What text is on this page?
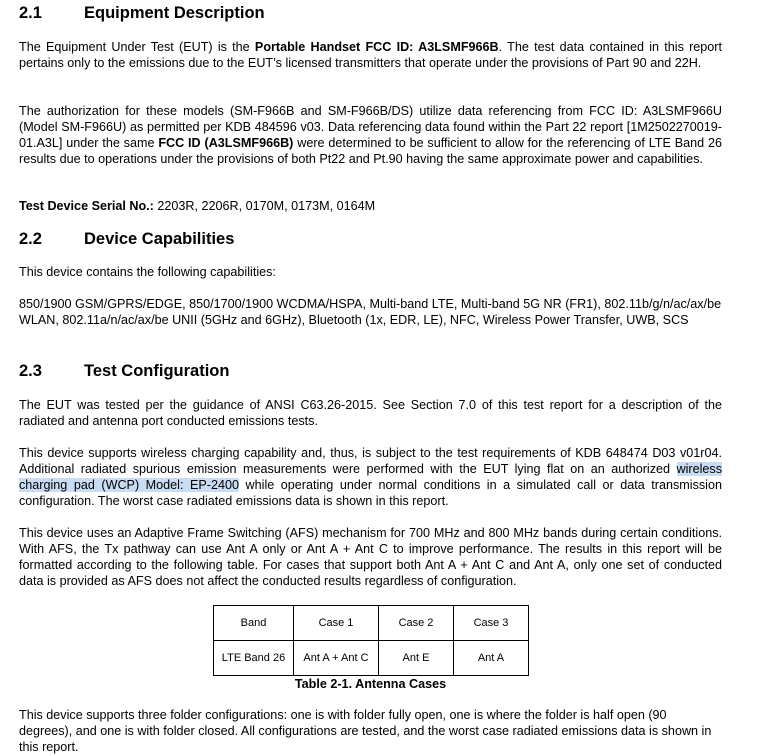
2.1	Equipment Description
The Equipment Under Test (EUT) is the Portable Handset FCC ID: A3LSMF966B. The test data contained in this report pertains only to the emissions due to the EUT’s licensed transmitters that operate under the provisions of Part 90 and 22H.
The authorization for these models (SM-F966B and SM-F966B/DS) utilize data referencing from FCC ID: A3LSMF966U (Model SM-F966U) as permitted per KDB 484596 v03. Data referencing data found within the Part 22 report [1M2502270019-01.A3L] under the same FCC ID (A3LSMF966B) were determined to be sufficient to allow for the referencing of LTE Band 26 results due to operations under the provisions of both Pt22 and Pt.90 having the same approximate power and capabilities.
Test Device Serial No.: 2203R, 2206R, 0170M, 0173M, 0164M
2.2	Device Capabilities
This device contains the following capabilities:
850/1900 GSM/GPRS/EDGE, 850/1700/1900 WCDMA/HSPA, Multi-band LTE, Multi-band 5G NR (FR1), 802.11b/g/n/ac/ax/be WLAN, 802.11a/n/ac/ax/be UNII (5GHz and 6GHz), Bluetooth (1x, EDR, LE), NFC, Wireless Power Transfer, UWB, SCS
2.3	Test Configuration
The EUT was tested per the guidance of ANSI C63.26-2015. See Section 7.0 of this test report for a description of the radiated and antenna port conducted emissions tests.
This device supports wireless charging capability and, thus, is subject to the test requirements of KDB 648474 D03 v01r04. Additional radiated spurious emission measurements were performed with the EUT lying flat on an authorized wireless charging pad (WCP) Model: EP-2400 while operating under normal conditions in a simulated call or data transmission configuration. The worst case radiated emissions data is shown in this report.
This device uses an Adaptive Frame Switching (AFS) mechanism for 700 MHz and 800 MHz bands during certain conditions. With AFS, the Tx pathway can use Ant A only or Ant A + Ant C to improve performance. The results in this report will be formatted according to the following table. For cases that support both Ant A + Ant C and Ant A, only one set of conducted data is provided as AFS does not affect the conducted results regardless of configuration.
Band	Case 1	Case 2	Case 3
LTE Band 26	Ant A + Ant C	Ant E	Ant A
Table 2-1. Antenna Cases
This device supports three folder configurations: one is with folder fully open, one is where the folder is half open (90 degrees), and one is with folder closed. All configurations are tested, and the worst case radiated emissions data is shown in this report.
